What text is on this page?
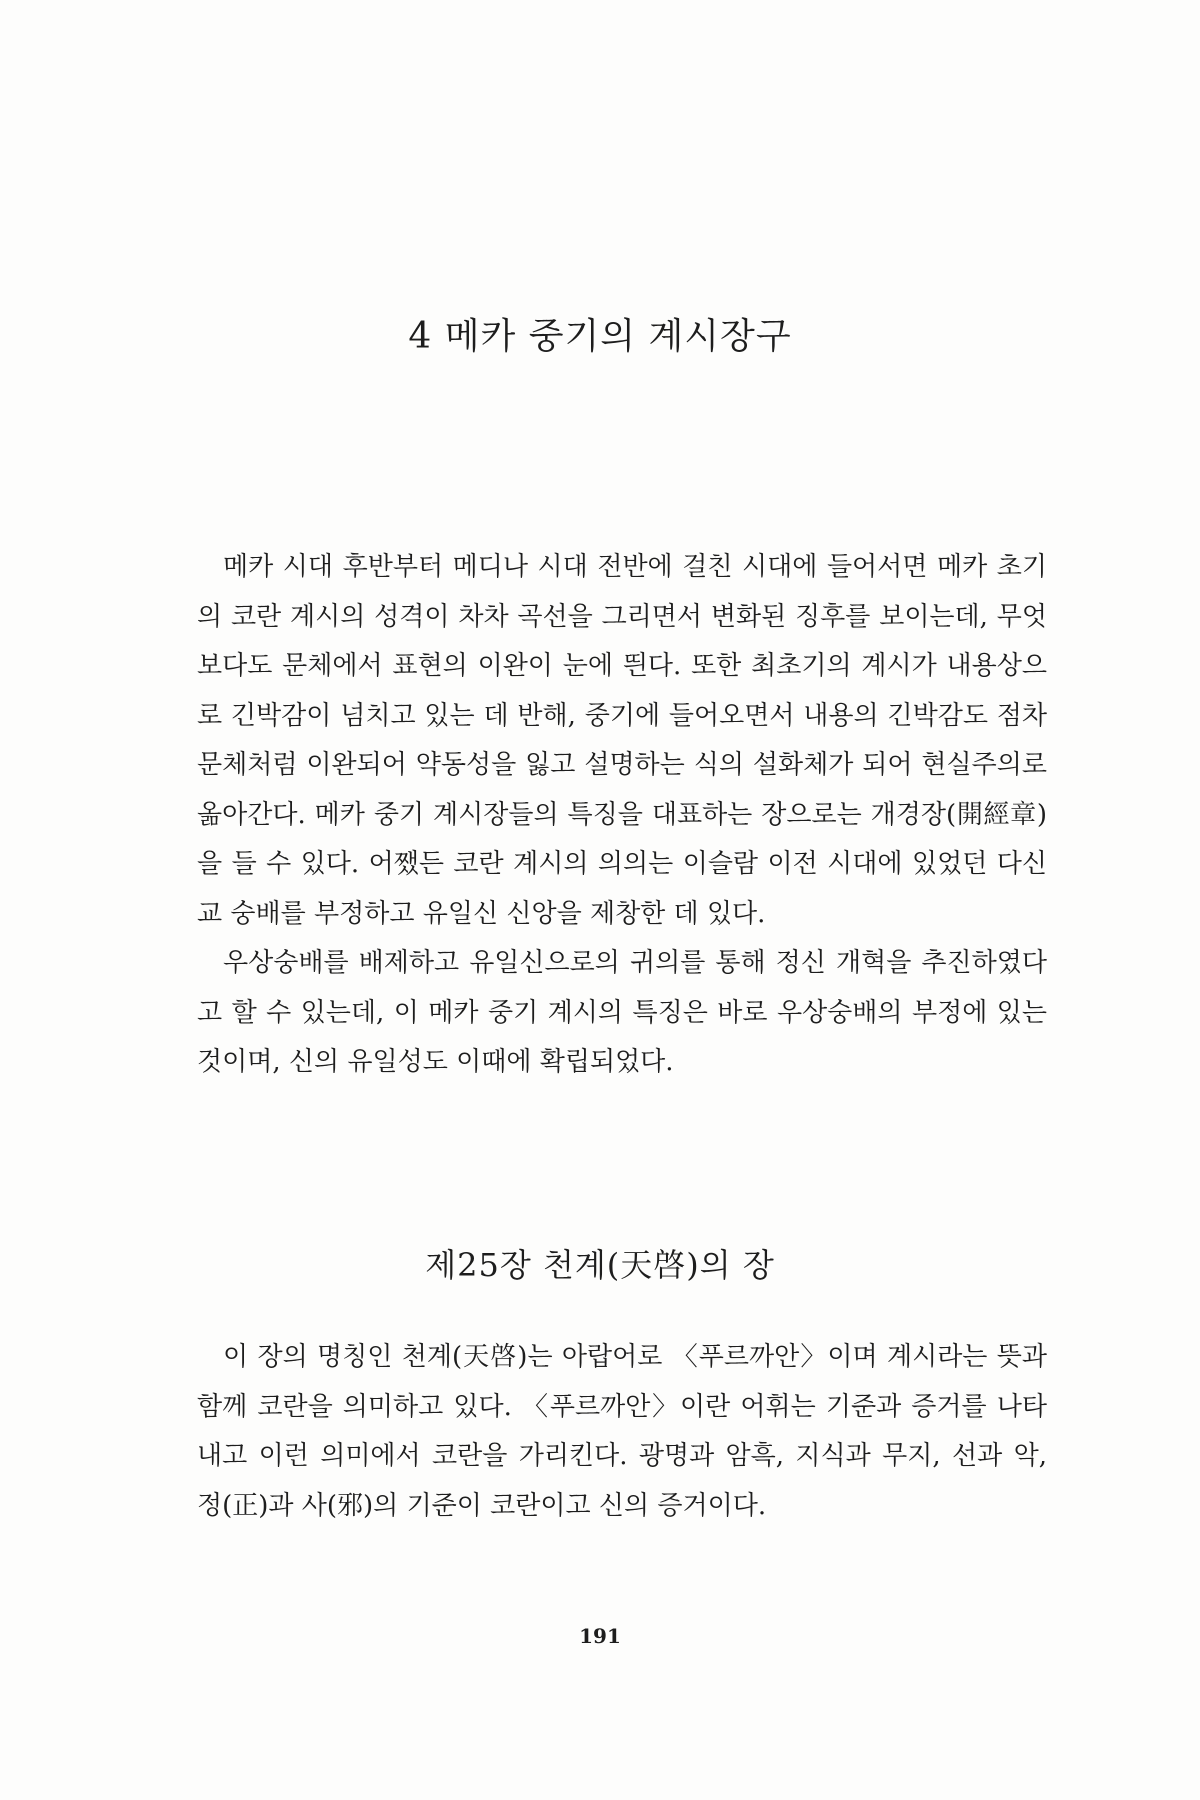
4 메카 중기의 계시장구

메카 시대 후반부터 메디나 시대 전반에 걸친 시대에 들어서면 메카 초기의 코란 계시의 성격이 차차 곡선을 그리면서 변화된 징후를 보이는데, 무엇보다도 문체에서 표현의 이완이 눈에 띈다. 또한 최초기의 계시가 내용상으로 긴박감이 넘치고 있는 데 반해, 중기에 들어오면서 내용의 긴박감도 점차 문체처럼 이완되어 약동성을 잃고 설명하는 식의 설화체가 되어 현실주의로 옮아간다. 메카 중기 계시장들의 특징을 대표하는 장으로는 개경장(開經章)을 들 수 있다. 어쨌든 코란 계시의 의의는 이슬람 이전 시대에 있었던 다신교 숭배를 부정하고 유일신 신앙을 제창한 데 있다.

우상숭배를 배제하고 유일신으로의 귀의를 통해 정신 개혁을 추진하였다고 할 수 있는데, 이 메카 중기 계시의 특징은 바로 우상숭배의 부정에 있는 것이며, 신의 유일성도 이때에 확립되었다.

제25장 천계(天啓)의 장

이 장의 명칭인 천계(天啓)는 아랍어로 〈푸르까안〉이며 계시라는 뜻과 함께 코란을 의미하고 있다. 〈푸르까안〉이란 어휘는 기준과 증거를 나타내고 이런 의미에서 코란을 가리킨다. 광명과 암흑, 지식과 무지, 선과 악, 정(正)과 사(邪)의 기준이 코란이고 신의 증거이다.

191
